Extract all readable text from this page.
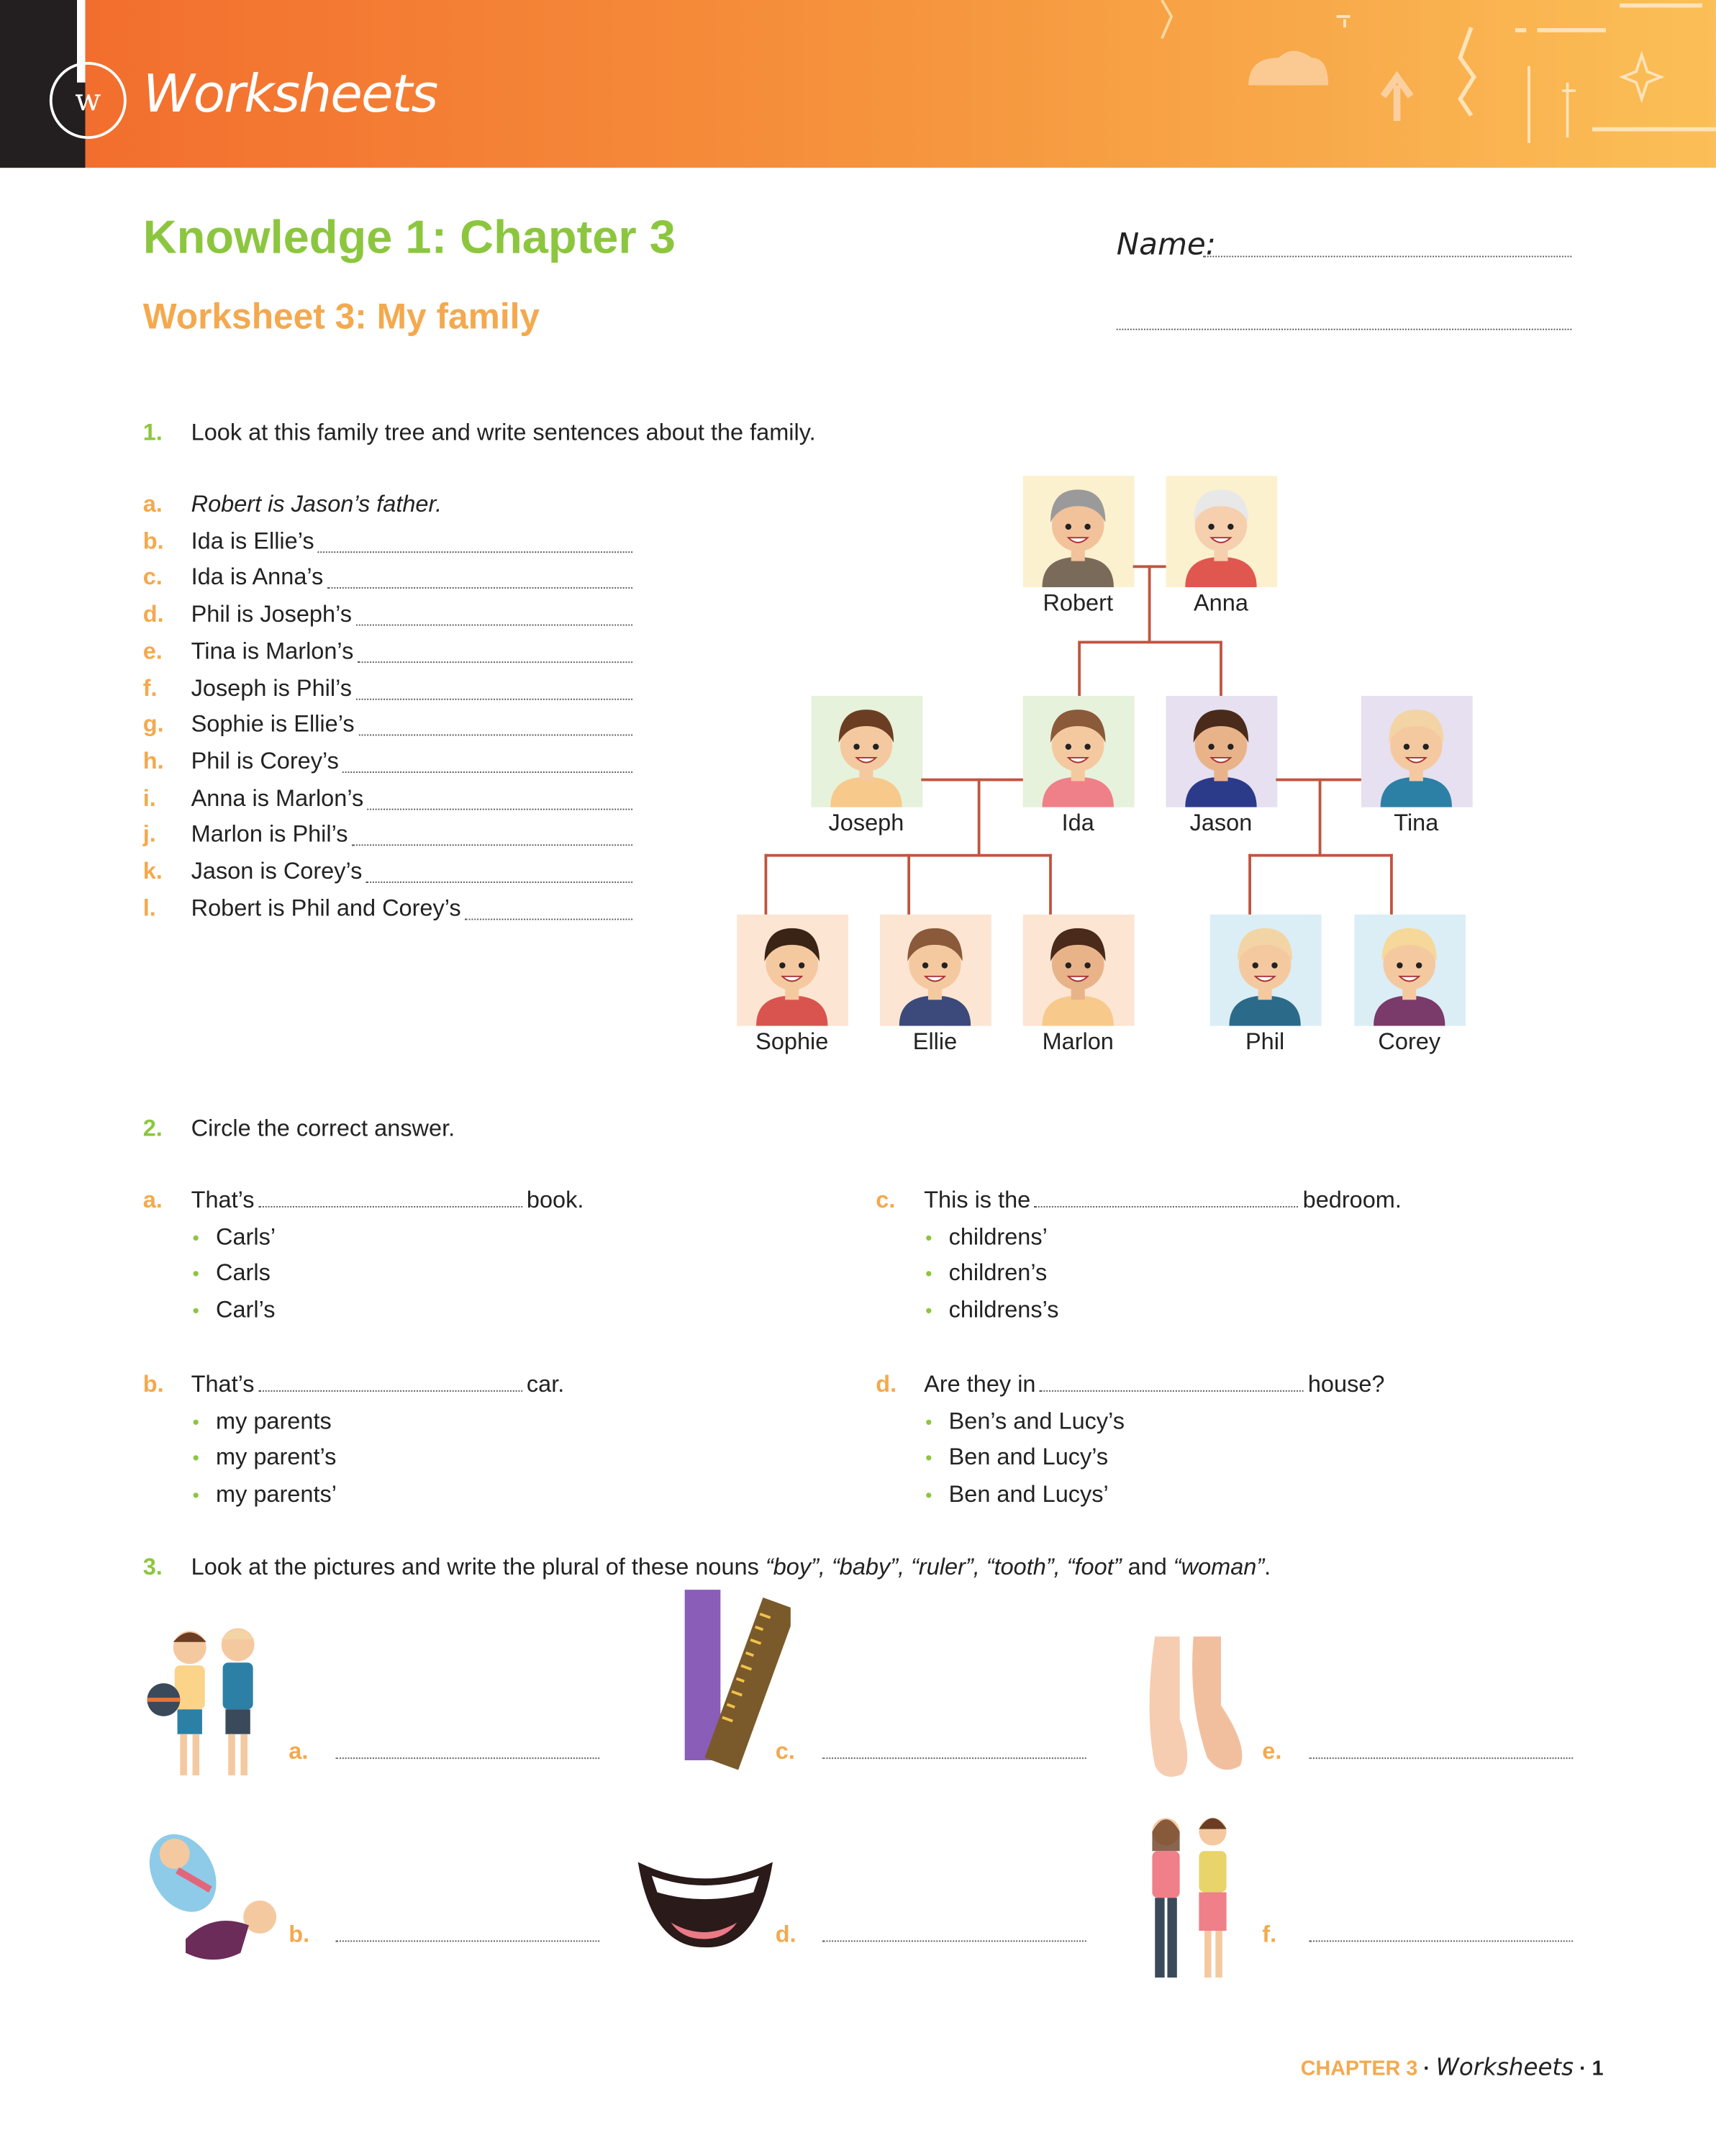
w Worksheets
Knowledge 1: Chapter 3
Worksheet 3: My family
Name:
1. Look at this family tree and write sentences about the family.
2. Circle the correct answer.
3. Look at the pictures and write the plural of these nouns “boy”, “baby”, “ruler”, “tooth”, “foot” and “woman”.
CHAPTER 3 · Worksheets · 1
a. Robert is Jason’s father.
b. Ida is Ellie’s
c. Ida is Anna’s
d. Phil is Joseph’s
e. Tina is Marlon’s
f.	Joseph is Phil’s
g. Sophie is Ellie’s
h. Phil is Corey’s
i.	Anna is Marlon’s
j.	Marlon is Phil’s
k. Jason is Corey’s
l.	Robert is Phil and Corey’s
Robert	Anna
Joseph	Ida	Jason	Tina
Sophie	Ellie	Marlon	Phil	Corey
a. That’s	book.
• Carls’
• Carls
• Carl’s
b. That’s	car.
• my parents
• my parent’s
• my parents’
c. This is the	bedroom.
• childrens’
• children’s
• childrens’s
d. Are they in	house?
• Ben’s and Lucy’s
• Ben and Lucy’s
• Ben and Lucys’
a.
b.
c.
d.
e.
f.
